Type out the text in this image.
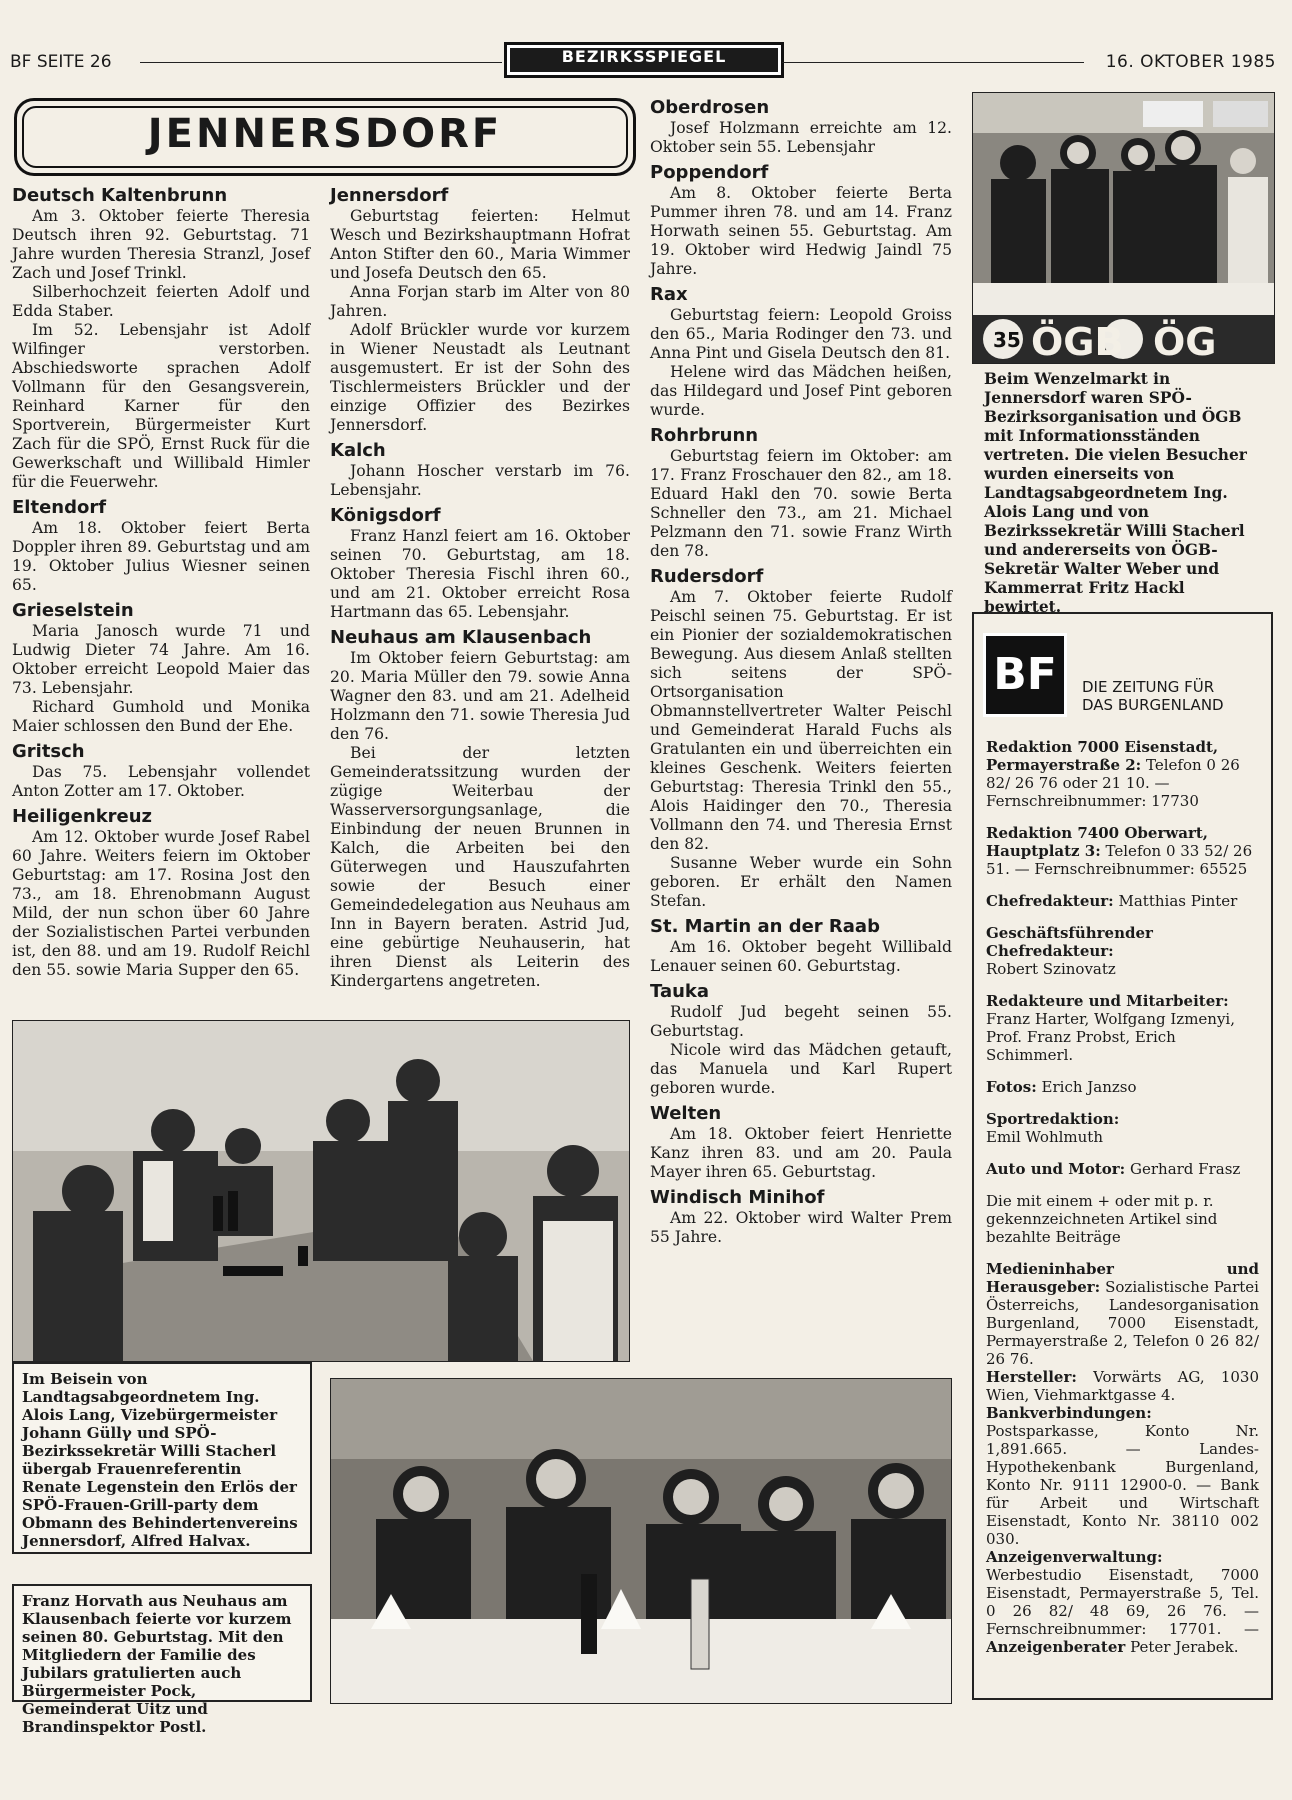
BF SEITE 26	BEZIRKSSPIEGEL	16. OKTOBER 1985
JENNERSDORF
Deutsch Kaltenbrunn

Am 3. Oktober feierte Theresia Deutsch ihren 92. Geburtstag. 71 Jahre wurden Theresia Stranzl, Josef Zach und Josef Trinkl.

Silberhochzeit feierten Adolf und Edda Staber.

Im 52. Lebensjahr ist Adolf Wilfinger verstorben. Abschiedsworte sprachen Adolf Vollmann für den Gesangsverein, Reinhard Karner für den Sportverein, Bürgermeister Kurt Zach für die SPÖ, Ernst Ruck für die Gewerkschaft und Willibald Himler für die Feuerwehr.

Eltendorf

Am 18. Oktober feiert Berta Doppler ihren 89. Geburtstag und am 19. Oktober Julius Wiesner seinen 65.

Grieselstein

Maria Janosch wurde 71 und Ludwig Dieter 74 Jahre. Am 16. Oktober erreicht Leopold Maier das 73. Lebensjahr.

Richard Gumhold und Monika Maier schlossen den Bund der Ehe.

Gritsch

Das 75. Lebensjahr vollendet Anton Zotter am 17. Oktober.

Heiligenkreuz

Am 12. Oktober wurde Josef Rabel 60 Jahre. Weiters feiern im Oktober Geburtstag: am 17. Rosina Jost den 73., am 18. Ehrenobmann August Mild, der nun schon über 60 Jahre der Sozialistischen Partei verbunden ist, den 88. und am 19. Rudolf Reichl den 55. sowie Maria Supper den 65.

Jennersdorf

Geburtstag feierten: Helmut Wesch und Bezirkshauptmann Hofrat Anton Stifter den 60., Maria Wimmer und Josefa Deutsch den 65.

Anna Forjan starb im Alter von 80 Jahren.

Adolf Brückler wurde vor kurzem in Wiener Neustadt als Leutnant ausgemustert. Er ist der Sohn des Tischlermeisters Brückler und der einzige Offizier des Bezirkes Jennersdorf.

Kalch

Johann Hoscher verstarb im 76. Lebensjahr.

Königsdorf

Franz Hanzl feiert am 16. Oktober seinen 70. Geburtstag, am 18. Oktober Theresia Fischl ihren 60., und am 21. Oktober erreicht Rosa Hartmann das 65. Lebensjahr.

Neuhaus am Klausenbach

Im Oktober feiern Geburtstag: am 20. Maria Müller den 79. sowie Anna Wagner den 83. und am 21. Adelheid Holzmann den 71. sowie Theresia Jud den 76.

Bei der letzten Gemeinderatssitzung wurden der zügige Weiterbau der Wasserversorgungsanlage, die Einbindung der neuen Brunnen in Kalch, die Arbeiten bei den Güterwegen und Hauszufahrten sowie der Besuch einer Gemeindedelegation aus Neuhaus am Inn in Bayern beraten. Astrid Jud, eine gebürtige Neuhauserin, hat ihren Dienst als Leiterin des Kindergartens angetreten.

Oberdrosen

Josef Holzmann erreichte am 12. Oktober sein 55. Lebensjahr

Poppendorf

Am 8. Oktober feierte Berta Pummer ihren 78. und am 14. Franz Horwath seinen 55. Geburtstag. Am 19. Oktober wird Hedwig Jaindl 75 Jahre.

Rax

Geburtstag feiern: Leopold Groiss den 65., Maria Rodinger den 73. und Anna Pint und Gisela Deutsch den 81.

Helene wird das Mädchen heißen, das Hildegard und Josef Pint geboren wurde.

Rohrbrunn

Geburtstag feiern im Oktober: am 17. Franz Froschauer den 82., am 18. Eduard Hakl den 70. sowie Berta Schneller den 73., am 21. Michael Pelzmann den 71. sowie Franz Wirth den 78.

Rudersdorf

Am 7. Oktober feierte Rudolf Peischl seinen 75. Geburtstag. Er ist ein Pionier der sozialdemokratischen Bewegung. Aus diesem Anlaß stellten sich seitens der SPÖ-Ortsorganisation Obmannstellvertreter Walter Peischl und Gemeinderat Harald Fuchs als Gratulanten ein und überreichten ein kleines Geschenk. Weiters feierten Geburtstag: Theresia Trinkl den 55., Alois Haidinger den 70., Theresia Vollmann den 74. und Theresia Ernst den 82.

Susanne Weber wurde ein Sohn geboren. Er erhält den Namen Stefan.

St. Martin an der Raab

Am 16. Oktober begeht Willibald Lenauer seinen 60. Geburtstag.

Tauka

Rudolf Jud begeht seinen 55. Geburtstag.

Nicole wird das Mädchen getauft, das Manuela und Karl Rupert geboren wurde.

Welten

Am 18. Oktober feiert Henriette Kanz ihren 83. und am 20. Paula Mayer ihren 65. Geburtstag.

Windisch Minihof

Am 22. Oktober wird Walter Prem 55 Jahre.

35 ÖGB ÖG
Beim Wenzelmarkt in Jennersdorf waren SPÖ-Bezirksorganisation und ÖGB mit Informationsständen vertreten. Die vielen Besucher wurden einerseits von Landtagsabgeordnetem Ing. Alois Lang und von Bezirkssekretär Willi Stacherl und andererseits von ÖGB-Sekretär Walter Weber und Kammerrat Fritz Hackl bewirtet.
Im Beisein von Landtagsabgeordnetem Ing. Alois Lang, Vizebürgermeister Johann Güllγ und SPÖ-Bezirkssekretär Willi Stacherl übergab Frauenreferentin Renate Legenstein den Erlös der SPÖ-Frauen-Grill-party dem Obmann des Behindertenvereins Jennersdorf, Alfred Halvax.
Franz Horvath aus Neuhaus am Klausenbach feierte vor kurzem seinen 80. Geburtstag. Mit den Mitgliedern der Familie des Jubilars gratulierten auch Bürgermeister Pock, Gemeinderat Uitz und Brandinspektor Postl.
BF	DIE ZEITUNG FÜR
DAS BURGENLAND

Redaktion 7000 Eisenstadt, Permayerstraße 2: Telefon 0 26 82/ 26 76 oder 21 10. — Fernschreibnummer: 17730

Redaktion 7400 Oberwart, Hauptplatz 3: Telefon 0 33 52/ 26 51. — Fernschreibnummer: 65525

Chefredakteur: Matthias Pinter

Geschäftsführender Chefredakteur:
Robert Szinovatz

Redakteure und Mitarbeiter:
Franz Harter, Wolfgang Izmenyi, Prof. Franz Probst, Erich Schimmerl.

Fotos: Erich Janzso

Sportredaktion:
Emil Wohlmuth

Auto und Motor: Gerhard Frasz

Die mit einem + oder mit p. r. gekennzeichneten Artikel sind bezahlte Beiträge

Medieninhaber und Herausgeber: Sozialistische Partei Österreichs, Landesorganisation Burgenland, 7000 Eisenstadt, Permayerstraße 2, Telefon 0 26 82/ 26 76.
Hersteller: Vorwärts AG, 1030 Wien, Viehmarktgasse 4.
Bankverbindungen: Postsparkasse, Konto Nr. 1,891.665. — Landes-Hypothekenbank Burgenland, Konto Nr. 9111 12900-0. — Bank für Arbeit und Wirtschaft Eisenstadt, Konto Nr. 38110 002 030.
Anzeigenverwaltung: Werbestudio Eisenstadt, 7000 Eisenstadt, Permayerstraße 5, Tel. 0 26 82/ 48 69, 26 76. — Fernschreibnummer: 17701. — Anzeigenberater Peter Jerabek.
